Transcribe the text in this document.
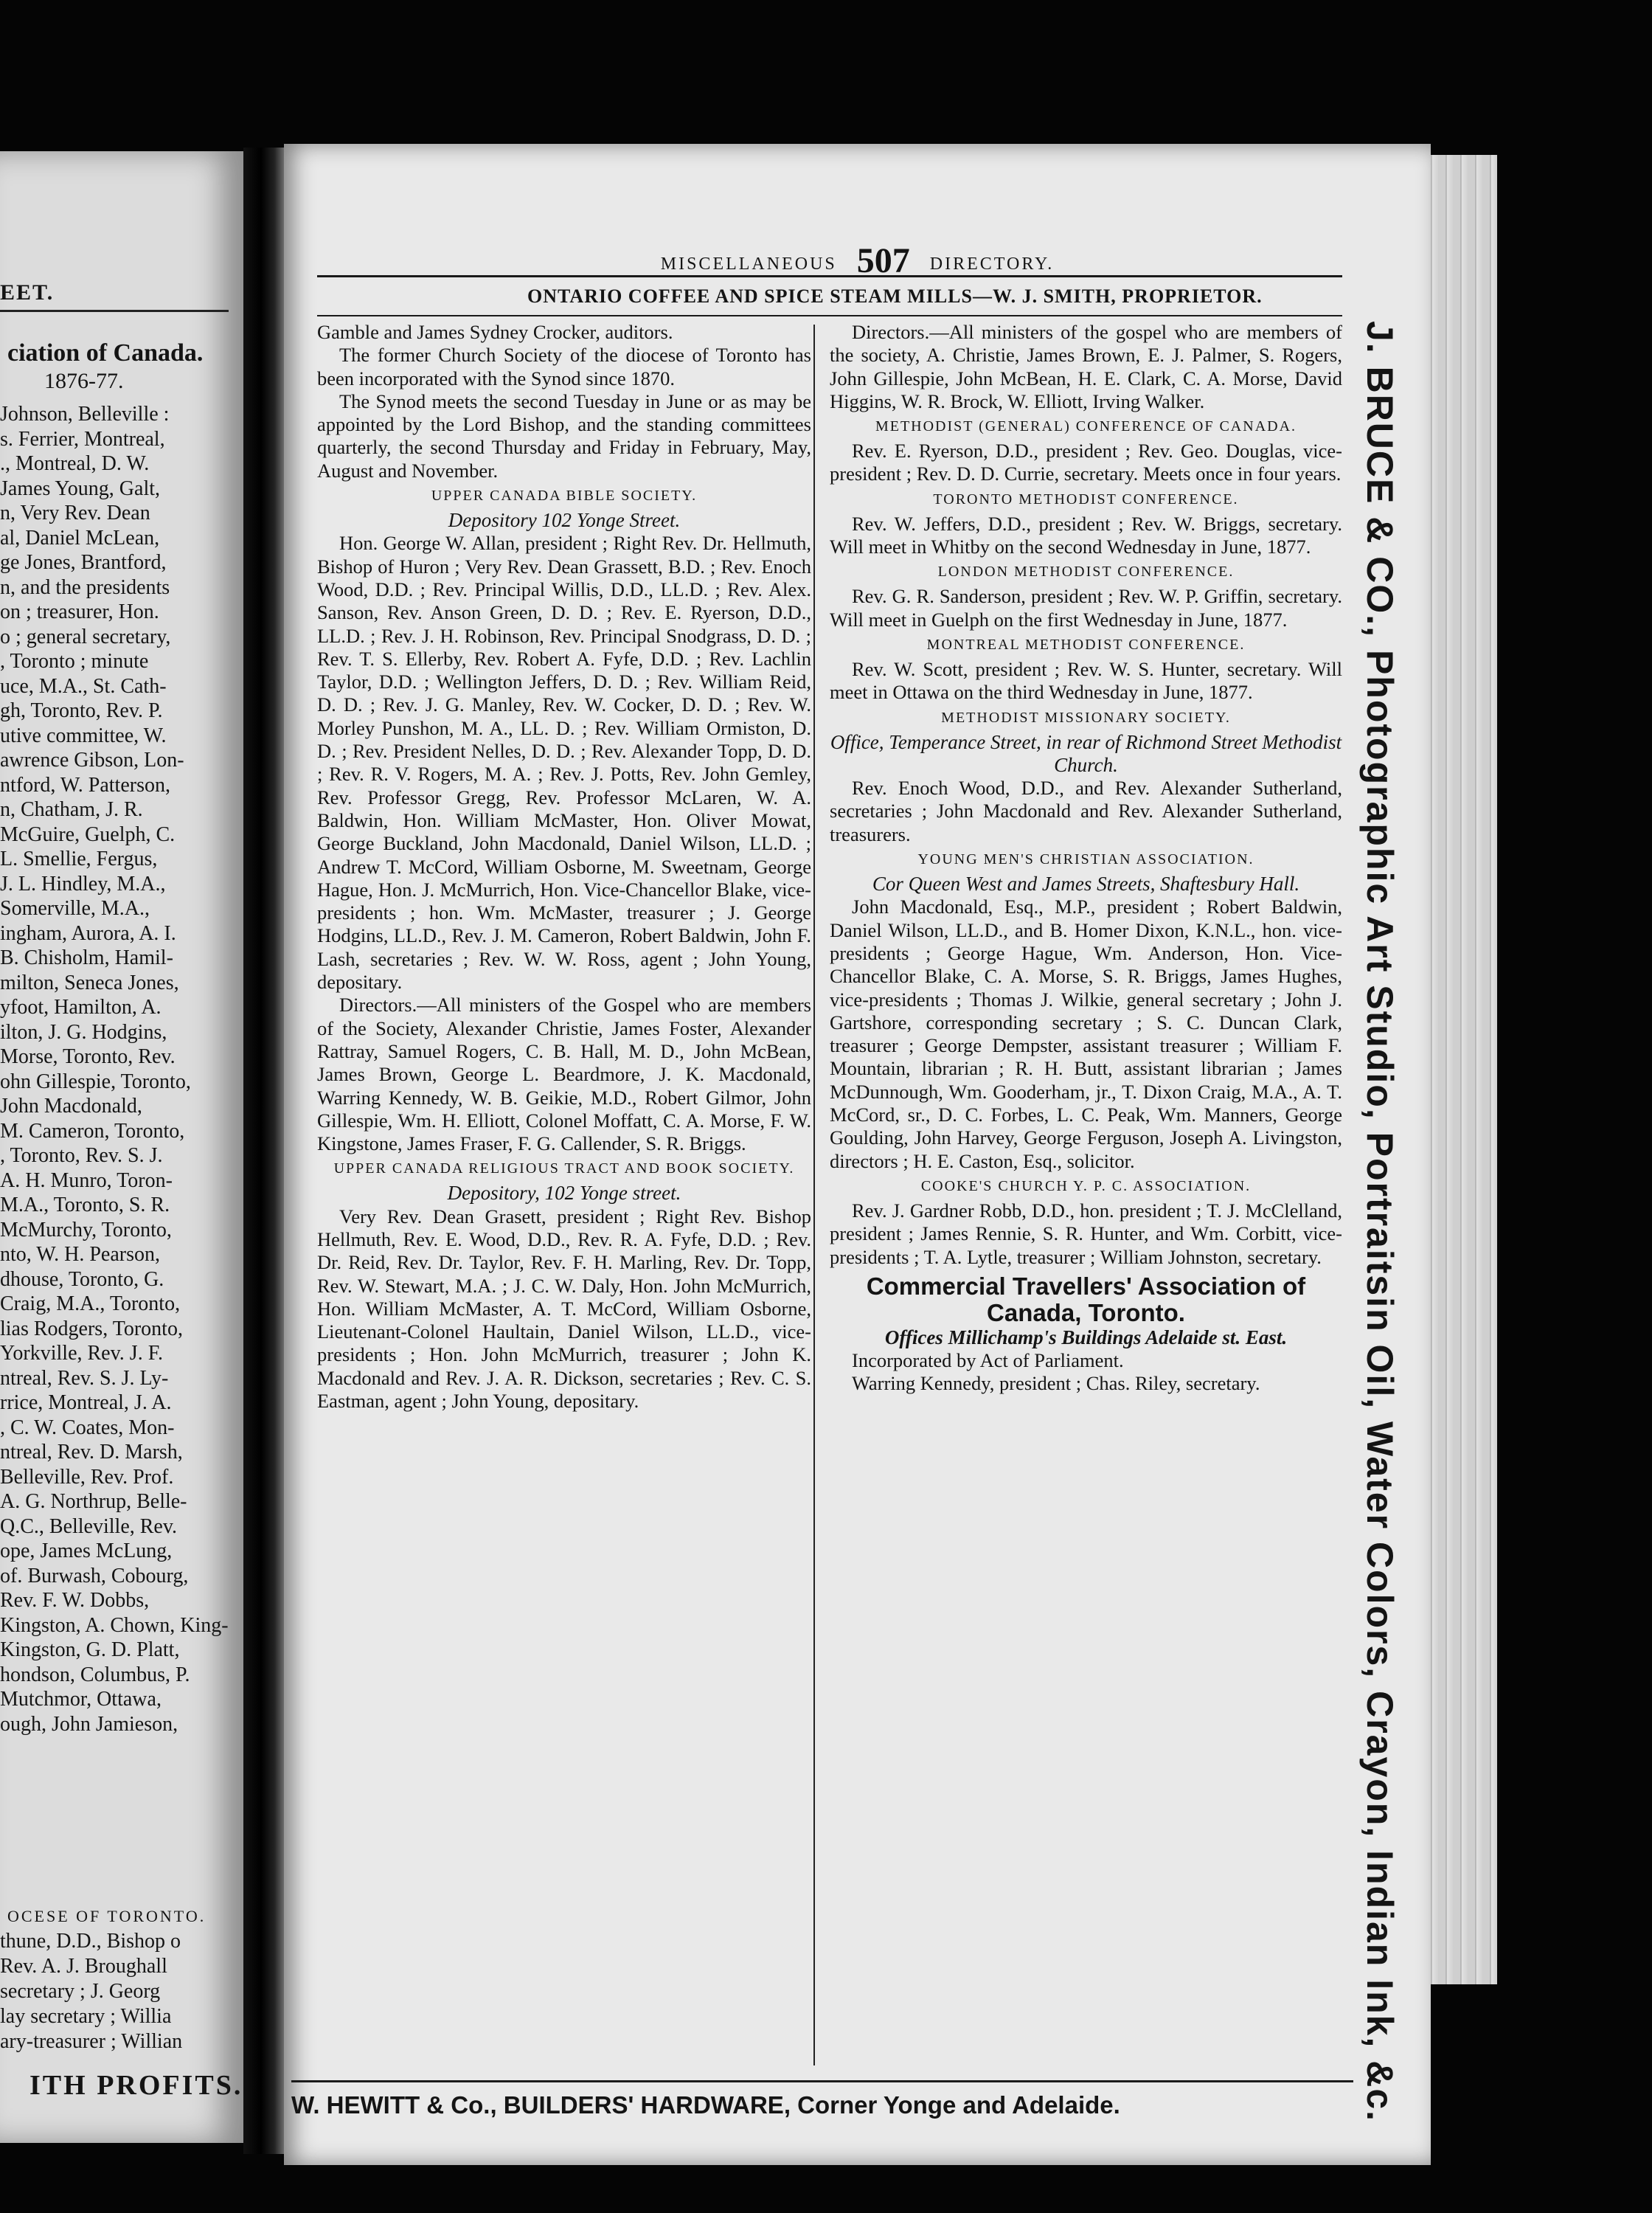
EET.
ciation of Canada.
1876-77.
Johnson, Belleville :
s. Ferrier, Montreal,
., Montreal, D. W.
James Young, Galt,
n, Very Rev. Dean
al, Daniel McLean,
ge Jones, Brantford,
n, and the presidents
on ; treasurer, Hon.
o ; general secretary,
, Toronto ; minute
uce, M.A., St. Cath-
gh, Toronto, Rev. P.
utive committee, W.
awrence Gibson, Lon-
ntford, W. Patterson,
n, Chatham, J. R.
McGuire, Guelph, C.
L. Smellie, Fergus,
J. L. Hindley, M.A.,
Somerville, M.A.,
ingham, Aurora, A. I.
B. Chisholm, Hamil-
milton, Seneca Jones,
yfoot, Hamilton, A.
ilton, J. G. Hodgins,
Morse, Toronto, Rev.
ohn Gillespie, Toronto,
John Macdonald,
M. Cameron, Toronto,
, Toronto, Rev. S. J.
A. H. Munro, Toron-
M.A., Toronto, S. R.
McMurchy, Toronto,
nto, W. H. Pearson,
dhouse, Toronto, G.
Craig, M.A., Toronto,
lias Rodgers, Toronto,
Yorkville, Rev. J. F.
ntreal, Rev. S. J. Ly-
rrice, Montreal, J. A.
, C. W. Coates, Mon-
ntreal, Rev. D. Marsh,
Belleville, Rev. Prof.
A. G. Northrup, Belle-
Q.C., Belleville, Rev.
ope, James McLung,
of. Burwash, Cobourg,
Rev. F. W. Dobbs,
Kingston, A. Chown, King-
Kingston, G. D. Platt,
hondson, Columbus, P.
Mutchmor, Ottawa,
ough, John Jamieson,
OCESE OF TORONTO.
thune, D.D., Bishop o
Rev. A. J. Broughall
secretary ; J. Georg
lay secretary ; Willia
ary-treasurer ; Willian
ITH PROFITS.
MISCELLANEOUS 507 DIRECTORY.
ONTARIO COFFEE AND SPICE STEAM MILLS—W. J. SMITH, PROPRIETOR.

Gamble and James Sydney Crocker, auditors.

The former Church Society of the diocese of Toronto has been incorporated with the Synod since 1870.

The Synod meets the second Tuesday in June or as may be appointed by the Lord Bishop, and the standing committees quarterly, the second Thursday and Friday in February, May, August and November.

UPPER CANADA BIBLE SOCIETY.

Depository 102 Yonge Street.

Hon. George W. Allan, president ; Right Rev. Dr. Hellmuth, Bishop of Huron ; Very Rev. Dean Grassett, B.D. ; Rev. Enoch Wood, D.D. ; Rev. Principal Willis, D.D., LL.D. ; Rev. Alex. Sanson, Rev. Anson Green, D. D. ; Rev. E. Ryerson, D.D., LL.D. ; Rev. J. H. Robinson, Rev. Principal Snodgrass, D. D. ; Rev. T. S. Ellerby, Rev. Robert A. Fyfe, D.D. ; Rev. Lachlin Taylor, D.D. ; Wellington Jeffers, D. D. ; Rev. William Reid, D. D. ; Rev. J. G. Manley, Rev. W. Cocker, D. D. ; Rev. W. Morley Punshon, M. A., LL. D. ; Rev. William Ormiston, D. D. ; Rev. President Nelles, D. D. ; Rev. Alexander Topp, D. D. ; Rev. R. V. Rogers, M. A. ; Rev. J. Potts, Rev. John Gemley, Rev. Professor Gregg, Rev. Professor McLaren, W. A. Baldwin, Hon. William McMaster, Hon. Oliver Mowat, George Buckland, John Macdonald, Daniel Wilson, LL.D. ; Andrew T. McCord, William Osborne, M. Sweetnam, George Hague, Hon. J. McMurrich, Hon. Vice-Chancellor Blake, vice-presidents ; hon. Wm. McMaster, treasurer ; J. George Hodgins, LL.D., Rev. J. M. Cameron, Robert Baldwin, John F. Lash, secretaries ; Rev. W. W. Ross, agent ; John Young, depositary.

Directors.—All ministers of the Gospel who are members of the Society, Alexander Christie, James Foster, Alexander Rattray, Samuel Rogers, C. B. Hall, M. D., John McBean, James Brown, George L. Beardmore, J. K. Macdonald, Warring Kennedy, W. B. Geikie, M.D., Robert Gilmor, John Gillespie, Wm. H. Elliott, Colonel Moffatt, C. A. Morse, F. W. Kingstone, James Fraser, F. G. Callender, S. R. Briggs.

UPPER CANADA RELIGIOUS TRACT AND BOOK SOCIETY.

Depository, 102 Yonge street.

Very Rev. Dean Grasett, president ; Right Rev. Bishop Hellmuth, Rev. E. Wood, D.D., Rev. R. A. Fyfe, D.D. ; Rev. Dr. Reid, Rev. Dr. Taylor, Rev. F. H. Marling, Rev. Dr. Topp, Rev. W. Stewart, M.A. ; J. C. W. Daly, Hon. John McMurrich, Hon. William McMaster, A. T. McCord, William Osborne, Lieutenant-Colonel Haultain, Daniel Wilson, LL.D., vice-presidents ; Hon. John McMurrich, treasurer ; John K. Macdonald and Rev. J. A. R. Dickson, secretaries ; Rev. C. S. Eastman, agent ; John Young, depositary.

Directors.—All ministers of the gospel who are members of the society, A. Christie, James Brown, E. J. Palmer, S. Rogers, John Gillespie, John McBean, H. E. Clark, C. A. Morse, David Higgins, W. R. Brock, W. Elliott, Irving Walker.

METHODIST (GENERAL) CONFERENCE OF CANADA.

Rev. E. Ryerson, D.D., president ; Rev. Geo. Douglas, vice-president ; Rev. D. D. Currie, secretary. Meets once in four years.

TORONTO METHODIST CONFERENCE.

Rev. W. Jeffers, D.D., president ; Rev. W. Briggs, secretary. Will meet in Whitby on the second Wednesday in June, 1877.

LONDON METHODIST CONFERENCE.

Rev. G. R. Sanderson, president ; Rev. W. P. Griffin, secretary. Will meet in Guelph on the first Wednesday in June, 1877.

MONTREAL METHODIST CONFERENCE.

Rev. W. Scott, president ; Rev. W. S. Hunter, secretary. Will meet in Ottawa on the third Wednesday in June, 1877.

METHODIST MISSIONARY SOCIETY.

Office, Temperance Street, in rear of Richmond Street Methodist Church.

Rev. Enoch Wood, D.D., and Rev. Alexander Sutherland, secretaries ; John Macdonald and Rev. Alexander Sutherland, treasurers.

YOUNG MEN'S CHRISTIAN ASSOCIATION.

Cor Queen West and James Streets, Shaftesbury Hall.

John Macdonald, Esq., M.P., president ; Robert Baldwin, Daniel Wilson, LL.D., and B. Homer Dixon, K.N.L., hon. vice-presidents ; George Hague, Wm. Anderson, Hon. Vice-Chancellor Blake, C. A. Morse, S. R. Briggs, James Hughes, vice-presidents ; Thomas J. Wilkie, general secretary ; John J. Gartshore, corresponding secretary ; S. C. Duncan Clark, treasurer ; George Dempster, assistant treasurer ; William F. Mountain, librarian ; R. H. Butt, assistant librarian ; James McDunnough, Wm. Gooderham, jr., T. Dixon Craig, M.A., A. T. McCord, sr., D. C. Forbes, L. C. Peak, Wm. Manners, George Goulding, John Harvey, George Ferguson, Joseph A. Livingston, directors ; H. E. Caston, Esq., solicitor.

COOKE'S CHURCH Y. P. C. ASSOCIATION.

Rev. J. Gardner Robb, D.D., hon. president ; T. J. McClelland, president ; James Rennie, S. R. Hunter, and Wm. Corbitt, vice-presidents ; T. A. Lytle, treasurer ; William Johnston, secretary.

Commercial Travellers' Association of Canada, Toronto.

Offices Millichamp's Buildings Adelaide st. East.

Incorporated by Act of Parliament.

Warring Kennedy, president ; Chas. Riley, secretary.	J. BRUCE & CO., Photographic Art Studio, Portraitsin Oil, Water Colors, Crayon, Indian Ink, &c.
W. HEWITT & Co., BUILDERS' HARDWARE, Corner Yonge and Adelaide.
